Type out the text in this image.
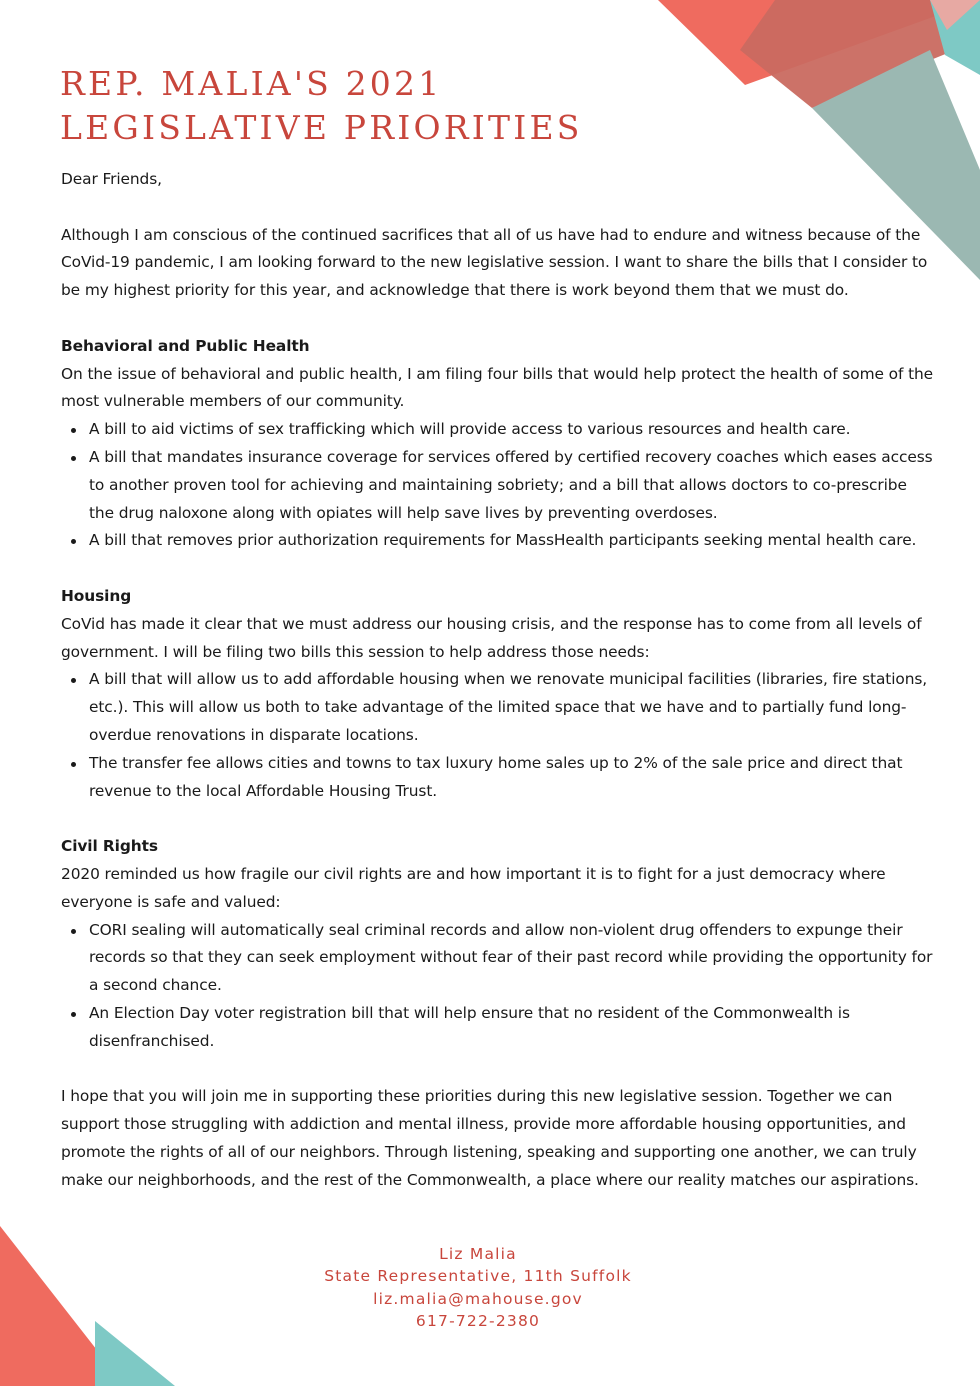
REP. MALIA'S 2021
LEGISLATIVE PRIORITIES

Dear Friends,

Although I am conscious of the continued sacrifices that all of us have had to endure and witness because of the CoVid-19 pandemic, I am looking forward to the new legislative session. I want to share the bills that I consider to be my highest priority for this year, and acknowledge that there is work beyond them that we must do.

Behavioral and Public Health

On the issue of behavioral and public health, I am filing four bills that would help protect the health of some of the most vulnerable members of our community.

A bill to aid victims of sex trafficking which will provide access to various resources and health care.
A bill that mandates insurance coverage for services offered by certified recovery coaches which eases access to another proven tool for achieving and maintaining sobriety; and a bill that allows doctors to co-prescribe the drug naloxone along with opiates will help save lives by preventing overdoses.
A bill that removes prior authorization requirements for MassHealth participants seeking mental health care.

Housing

CoVid has made it clear that we must address our housing crisis, and the response has to come from all levels of government. I will be filing two bills this session to help address those needs:

A bill that will allow us to add affordable housing when we renovate municipal facilities (libraries, fire stations, etc.). This will allow us both to take advantage of the limited space that we have and to partially fund long-overdue renovations in disparate locations.
The transfer fee allows cities and towns to tax luxury home sales up to 2% of the sale price and direct that revenue to the local Affordable Housing Trust.

Civil Rights

2020 reminded us how fragile our civil rights are and how important it is to fight for a just democracy where everyone is safe and valued:

CORI sealing will automatically seal criminal records and allow non-violent drug offenders to expunge their records so that they can seek employment without fear of their past record while providing the opportunity for a second chance.
An Election Day voter registration bill that will help ensure that no resident of the Commonwealth is disenfranchised.

I hope that you will join me in supporting these priorities during this new legislative session. Together we can support those struggling with addiction and mental illness, provide more affordable housing opportunities, and promote the rights of all of our neighbors. Through listening, speaking and supporting one another, we can truly make our neighborhoods, and the rest of the Commonwealth, a place where our reality matches our aspirations.

Liz Malia
State Representative, 11th Suffolk
liz.malia@mahouse.gov
617-722-2380
